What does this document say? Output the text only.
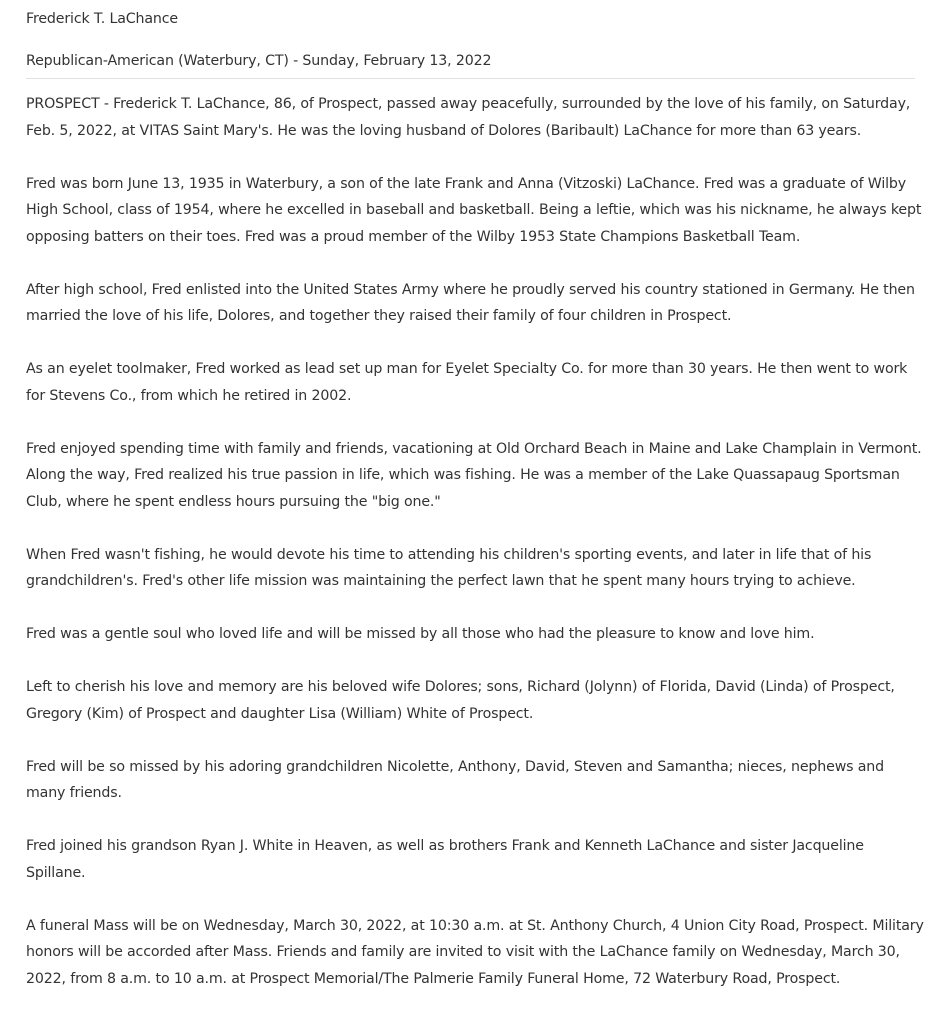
Frederick T. LaChance
Republican-American (Waterbury, CT) - Sunday, February 13, 2022

PROSPECT - Frederick T. LaChance, 86, of Prospect, passed away peacefully, surrounded by the love of his family, on Saturday, Feb. 5, 2022, at VITAS Saint Mary's. He was the loving husband of Dolores (Baribault) LaChance for more than 63 years.

Fred was born June 13, 1935 in Waterbury, a son of the late Frank and Anna (Vitzoski) LaChance. Fred was a graduate of Wilby High School, class of 1954, where he excelled in baseball and basketball. Being a leftie, which was his nickname, he always kept opposing batters on their toes. Fred was a proud member of the Wilby 1953 State Champions Basketball Team.

After high school, Fred enlisted into the United States Army where he proudly served his country stationed in Germany. He then married the love of his life, Dolores, and together they raised their family of four children in Prospect.

As an eyelet toolmaker, Fred worked as lead set up man for Eyelet Specialty Co. for more than 30 years. He then went to work for Stevens Co., from which he retired in 2002.

Fred enjoyed spending time with family and friends, vacationing at Old Orchard Beach in Maine and Lake Champlain in Vermont. Along the way, Fred realized his true passion in life, which was fishing. He was a member of the Lake Quassapaug Sportsman Club, where he spent endless hours pursuing the "big one."

When Fred wasn't fishing, he would devote his time to attending his children's sporting events, and later in life that of his grandchildren's. Fred's other life mission was maintaining the perfect lawn that he spent many hours trying to achieve.

Fred was a gentle soul who loved life and will be missed by all those who had the pleasure to know and love him.

Left to cherish his love and memory are his beloved wife Dolores; sons, Richard (Jolynn) of Florida, David (Linda) of Prospect, Gregory (Kim) of Prospect and daughter Lisa (William) White of Prospect.

Fred will be so missed by his adoring grandchildren Nicolette, Anthony, David, Steven and Samantha; nieces, nephews and many friends.

Fred joined his grandson Ryan J. White in Heaven, as well as brothers Frank and Kenneth LaChance and sister Jacqueline Spillane.

A funeral Mass will be on Wednesday, March 30, 2022, at 10:30 a.m. at St. Anthony Church, 4 Union City Road, Prospect. Military honors will be accorded after Mass. Friends and family are invited to visit with the LaChance family on Wednesday, March 30, 2022, from 8 a.m. to 10 a.m. at Prospect Memorial/The Palmerie Family Funeral Home, 72 Waterbury Road, Prospect.
